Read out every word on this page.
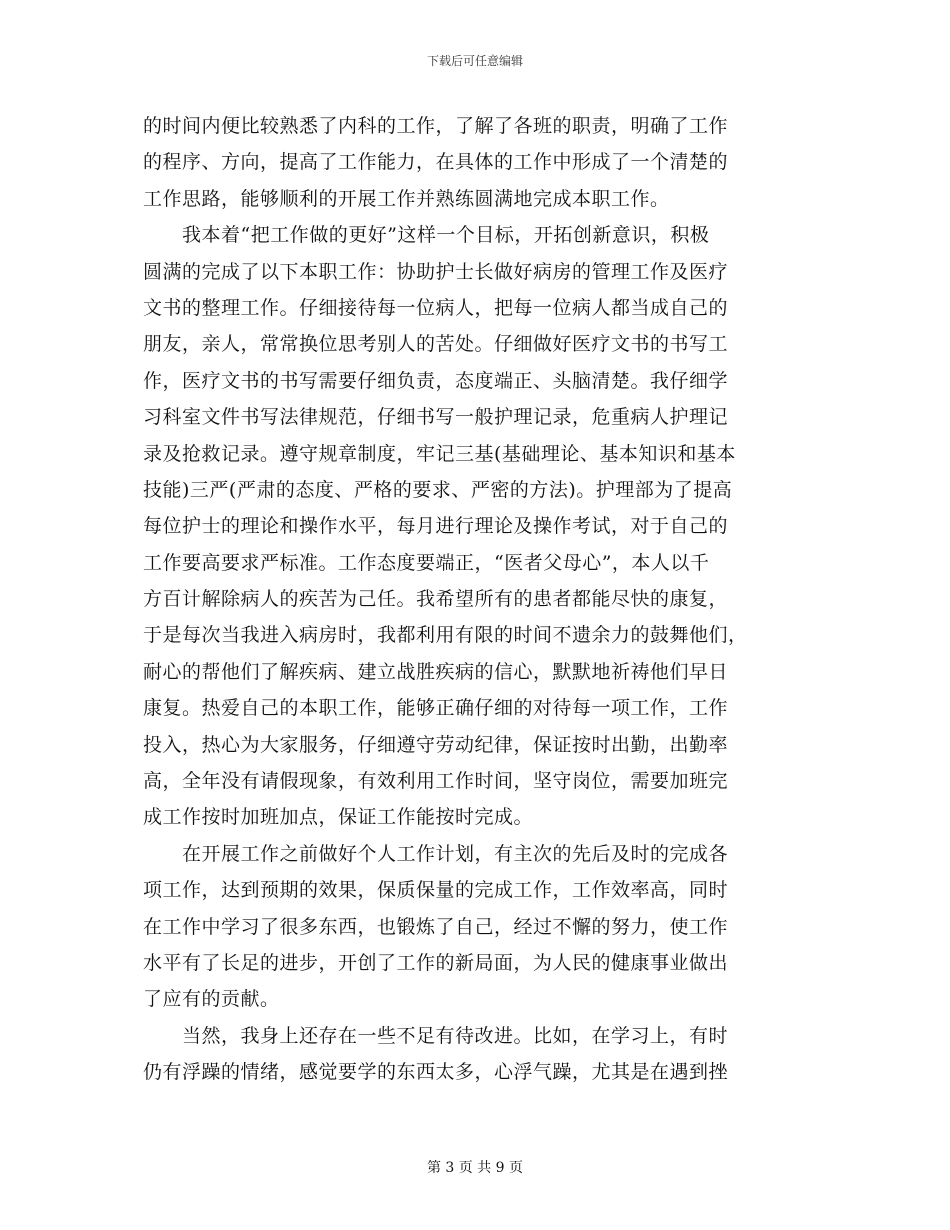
下载后可任意编辑
的时间内便比较熟悉了内科的工作，了解了各班的职责，明确了工作
的程序、方向，提高了工作能力，在具体的工作中形成了一个清楚的
工作思路，能够顺利的开展工作并熟练圆满地完成本职工作。
　　我本着“把工作做的更好”这样一个目标，开拓创新意识，积极
圆满的完成了以下本职工作：协助护士长做好病房的管理工作及医疗
文书的整理工作。仔细接待每一位病人，把每一位病人都当成自己的
朋友，亲人，常常换位思考别人的苦处。仔细做好医疗文书的书写工
作，医疗文书的书写需要仔细负责，态度端正、头脑清楚。我仔细学
习科室文件书写法律规范，仔细书写一般护理记录，危重病人护理记
录及抢救记录。遵守规章制度，牢记三基(基础理论、基本知识和基本
技能)三严(严肃的态度、严格的要求、严密的方法)。护理部为了提高
每位护士的理论和操作水平，每月进行理论及操作考试，对于自己的
工作要高要求严标准。工作态度要端正，“医者父母心”，本人以千
方百计解除病人的疾苦为己任。我希望所有的患者都能尽快的康复，
于是每次当我进入病房时，我都利用有限的时间不遗余力的鼓舞他们，
耐心的帮他们了解疾病、建立战胜疾病的信心，默默地祈祷他们早日
康复。热爱自己的本职工作，能够正确仔细的对待每一项工作，工作
投入，热心为大家服务，仔细遵守劳动纪律，保证按时出勤，出勤率
高，全年没有请假现象，有效利用工作时间，坚守岗位，需要加班完
成工作按时加班加点，保证工作能按时完成。
　　在开展工作之前做好个人工作计划，有主次的先后及时的完成各
项工作，达到预期的效果，保质保量的完成工作，工作效率高，同时
在工作中学习了很多东西，也锻炼了自己，经过不懈的努力，使工作
水平有了长足的进步，开创了工作的新局面，为人民的健康事业做出
了应有的贡献。
　　当然，我身上还存在一些不足有待改进。比如，在学习上，有时
仍有浮躁的情绪，感觉要学的东西太多，心浮气躁，尤其是在遇到挫
第 3 页 共 9 页
